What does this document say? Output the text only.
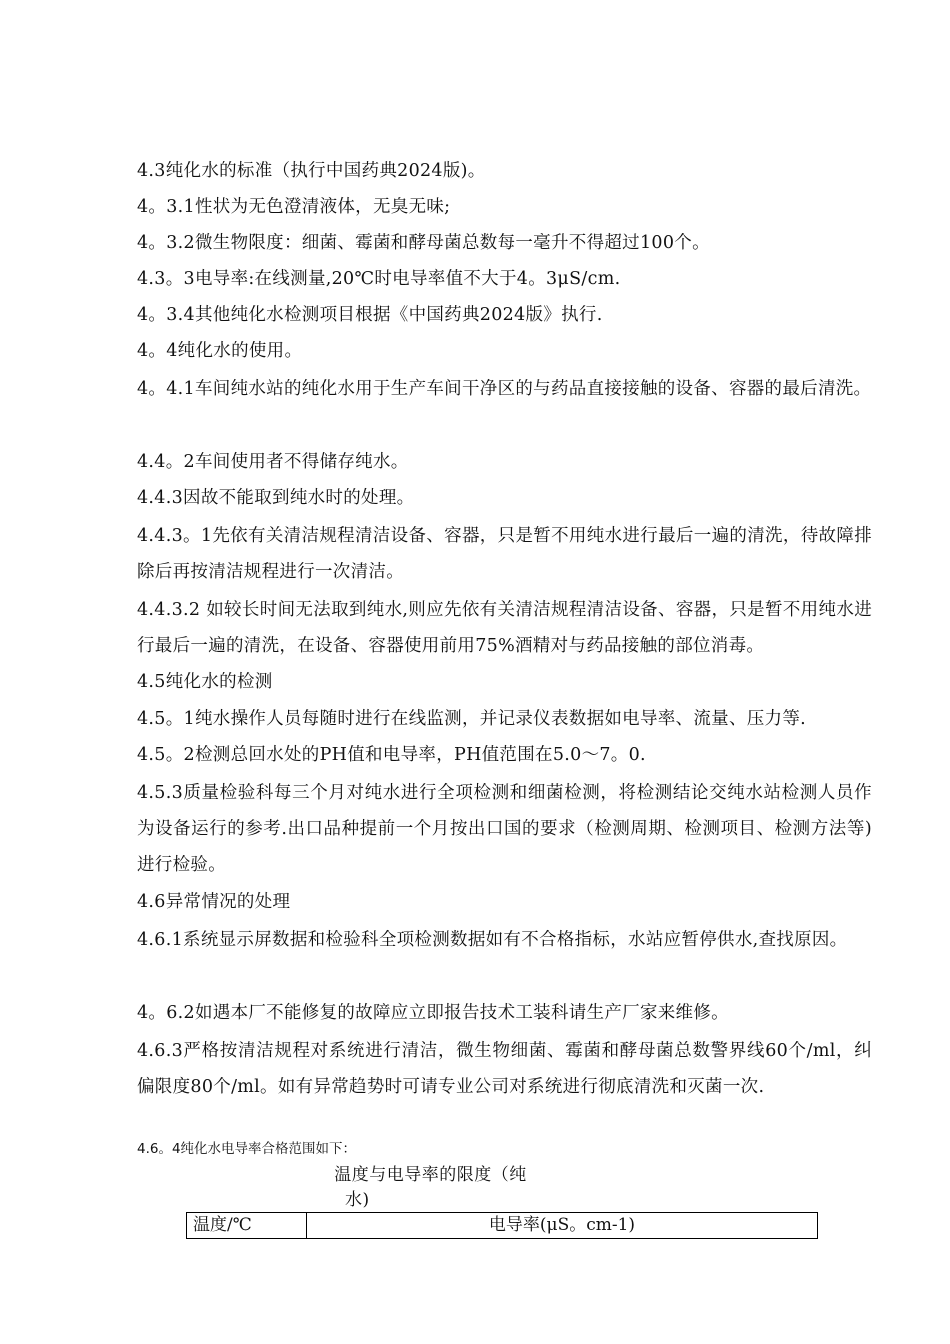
4.3纯化水的标准（执行中国药典2024版)。

4。3.1性状为无色澄清液体，无臭无味;

4。3.2微生物限度：细菌、霉菌和酵母菌总数每一毫升不得超过100个。

4.3。3电导率:在线测量,20℃时电导率值不大于4。3μS/cm.

4。3.4其他纯化水检测项目根据《中国药典2024版》执行.

4。4纯化水的使用。

4。4.1车间纯水站的纯化水用于生产车间干净区的与药品直接接触的设备、容器的最后清洗。

4.4。2车间使用者不得储存纯水。

4.4.3因故不能取到纯水时的处理。

4.4.3。1先依有关清洁规程清洁设备、容器，只是暂不用纯水进行最后一遍的清洗，待故障排除后再按清洁规程进行一次清洁。

4.4.3.2 如较长时间无法取到纯水,则应先依有关清洁规程清洁设备、容器，只是暂不用纯水进行最后一遍的清洗，在设备、容器使用前用75%酒精对与药品接触的部位消毒。

4.5纯化水的检测

4.5。1纯水操作人员每随时进行在线监测，并记录仪表数据如电导率、流量、压力等.

4.5。2检测总回水处的PH值和电导率，PH值范围在5.0～7。0.

4.5.3质量检验科每三个月对纯水进行全项检测和细菌检测，将检测结论交纯水站检测人员作为设备运行的参考.出口品种提前一个月按出口国的要求（检测周期、检测项目、检测方法等)进行检验。

4.6异常情况的处理

4.6.1系统显示屏数据和检验科全项检测数据如有不合格指标，水站应暂停供水,查找原因。

4。6.2如遇本厂不能修复的故障应立即报告技术工装科请生产厂家来维修。

4.6.3严格按清洁规程对系统进行清洁，微生物细菌、霉菌和酵母菌总数警界线60个/ml，纠偏限度80个/ml。如有异常趋势时可请专业公司对系统进行彻底清洗和灭菌一次.

4.6。4纯化水电导率合格范围如下：

温度与电导率的限度（纯

水)

温度/℃	电导率(μS。cm-1)
